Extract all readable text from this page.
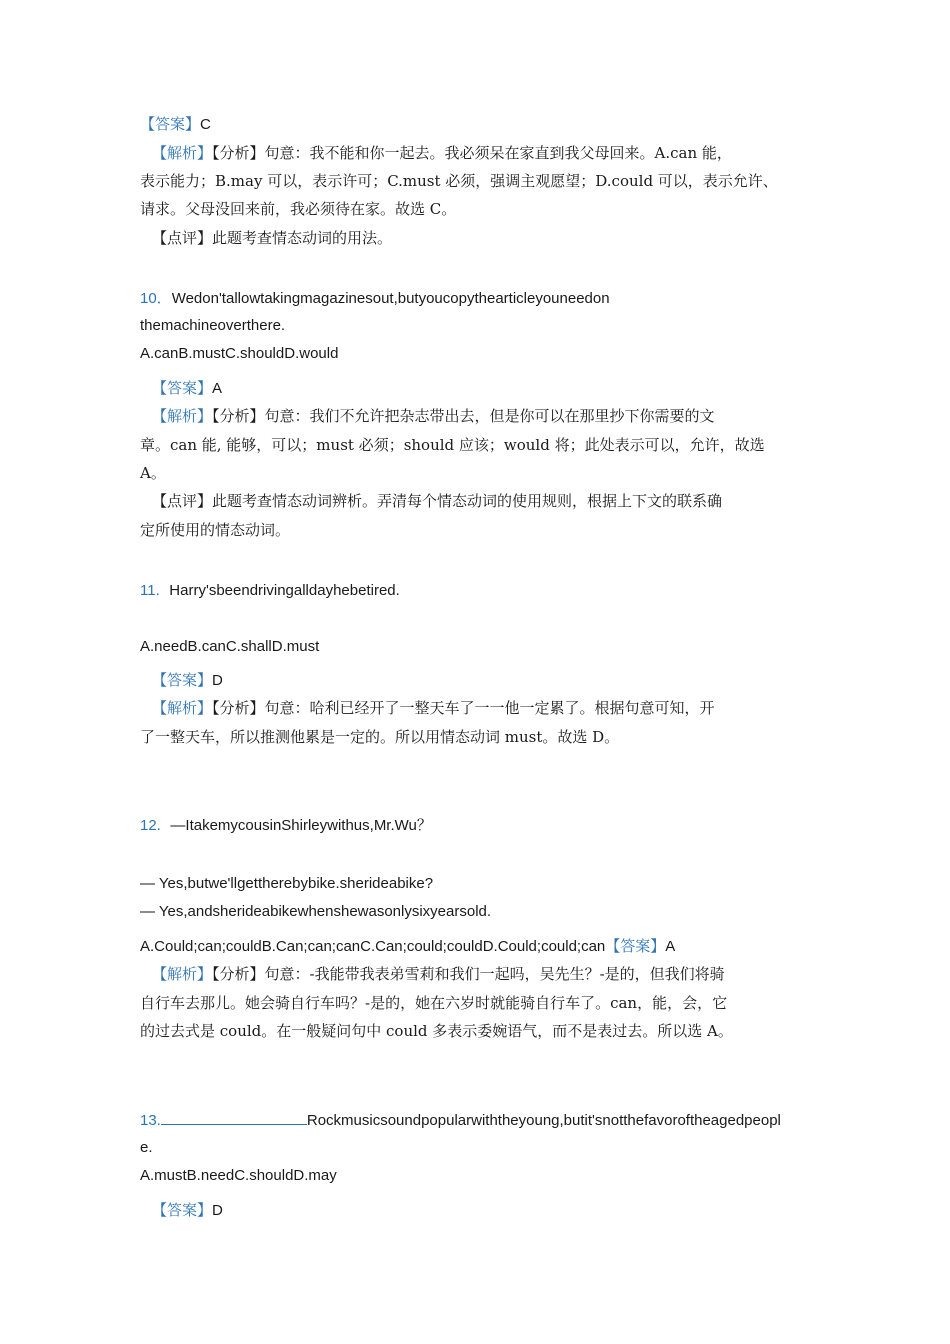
【答案】C
【解析】【分析】句意：我不能和你一起去。我必须呆在家直到我父母回来。A.can 能，
表示能力；B.may 可以，表示许可；C.must 必须，强调主观愿望；D.could 可以，表示允许、
请求。父母没回来前，我必须待在家。故选 C。
【点评】此题考查情态动词的用法。
10．Wedon'tallowtakingmagazinesout,butyoucopythearticleyouneedon
themachineoverthere.
A.canB.mustC.shouldD.would
【答案】A
【解析】【分析】句意：我们不允许把杂志带出去，但是你可以在那里抄下你需要的文
章。can 能, 能够，可以；must 必须；should 应该；would 将；此处表示可以，允许，故选
A。
【点评】此题考查情态动词辨析。弄清每个情态动词的使用规则，根据上下文的联系确
定所使用的情态动词。
11. Harry'sbeendrivingalldayhebetired.
A.needB.canC.shallD.must
【答案】D
【解析】【分析】句意：哈利已经开了一整天车了一一他一定累了。根据句意可知，开
了一整天车，所以推测他累是一定的。所以用情态动词 must。故选 D。
12. —ItakemycousinShirleywithus,Mr.Wu？
— Yes,butwe'llgettherebybike.sherideabike?
— Yes,andsherideabikewhenshewasonlysixyearsold.
A.Could;can;couldB.Can;can;canC.Can;could;couldD.Could;could;can【答案】A
【解析】【分析】句意：-我能带我表弟雪莉和我们一起吗，吴先生？-是的，但我们将骑
自行车去那儿。她会骑自行车吗？-是的，她在六岁时就能骑自行车了。can，能，会，它
的过去式是 could。在一般疑问句中 could 多表示委婉语气，而不是表过去。所以选 A。
13.	Rockmusicsoundpopularwiththeyoung,butit'snotthefavoroftheagedpeopl
e.
A.mustB.needC.shouldD.may
【答案】D
